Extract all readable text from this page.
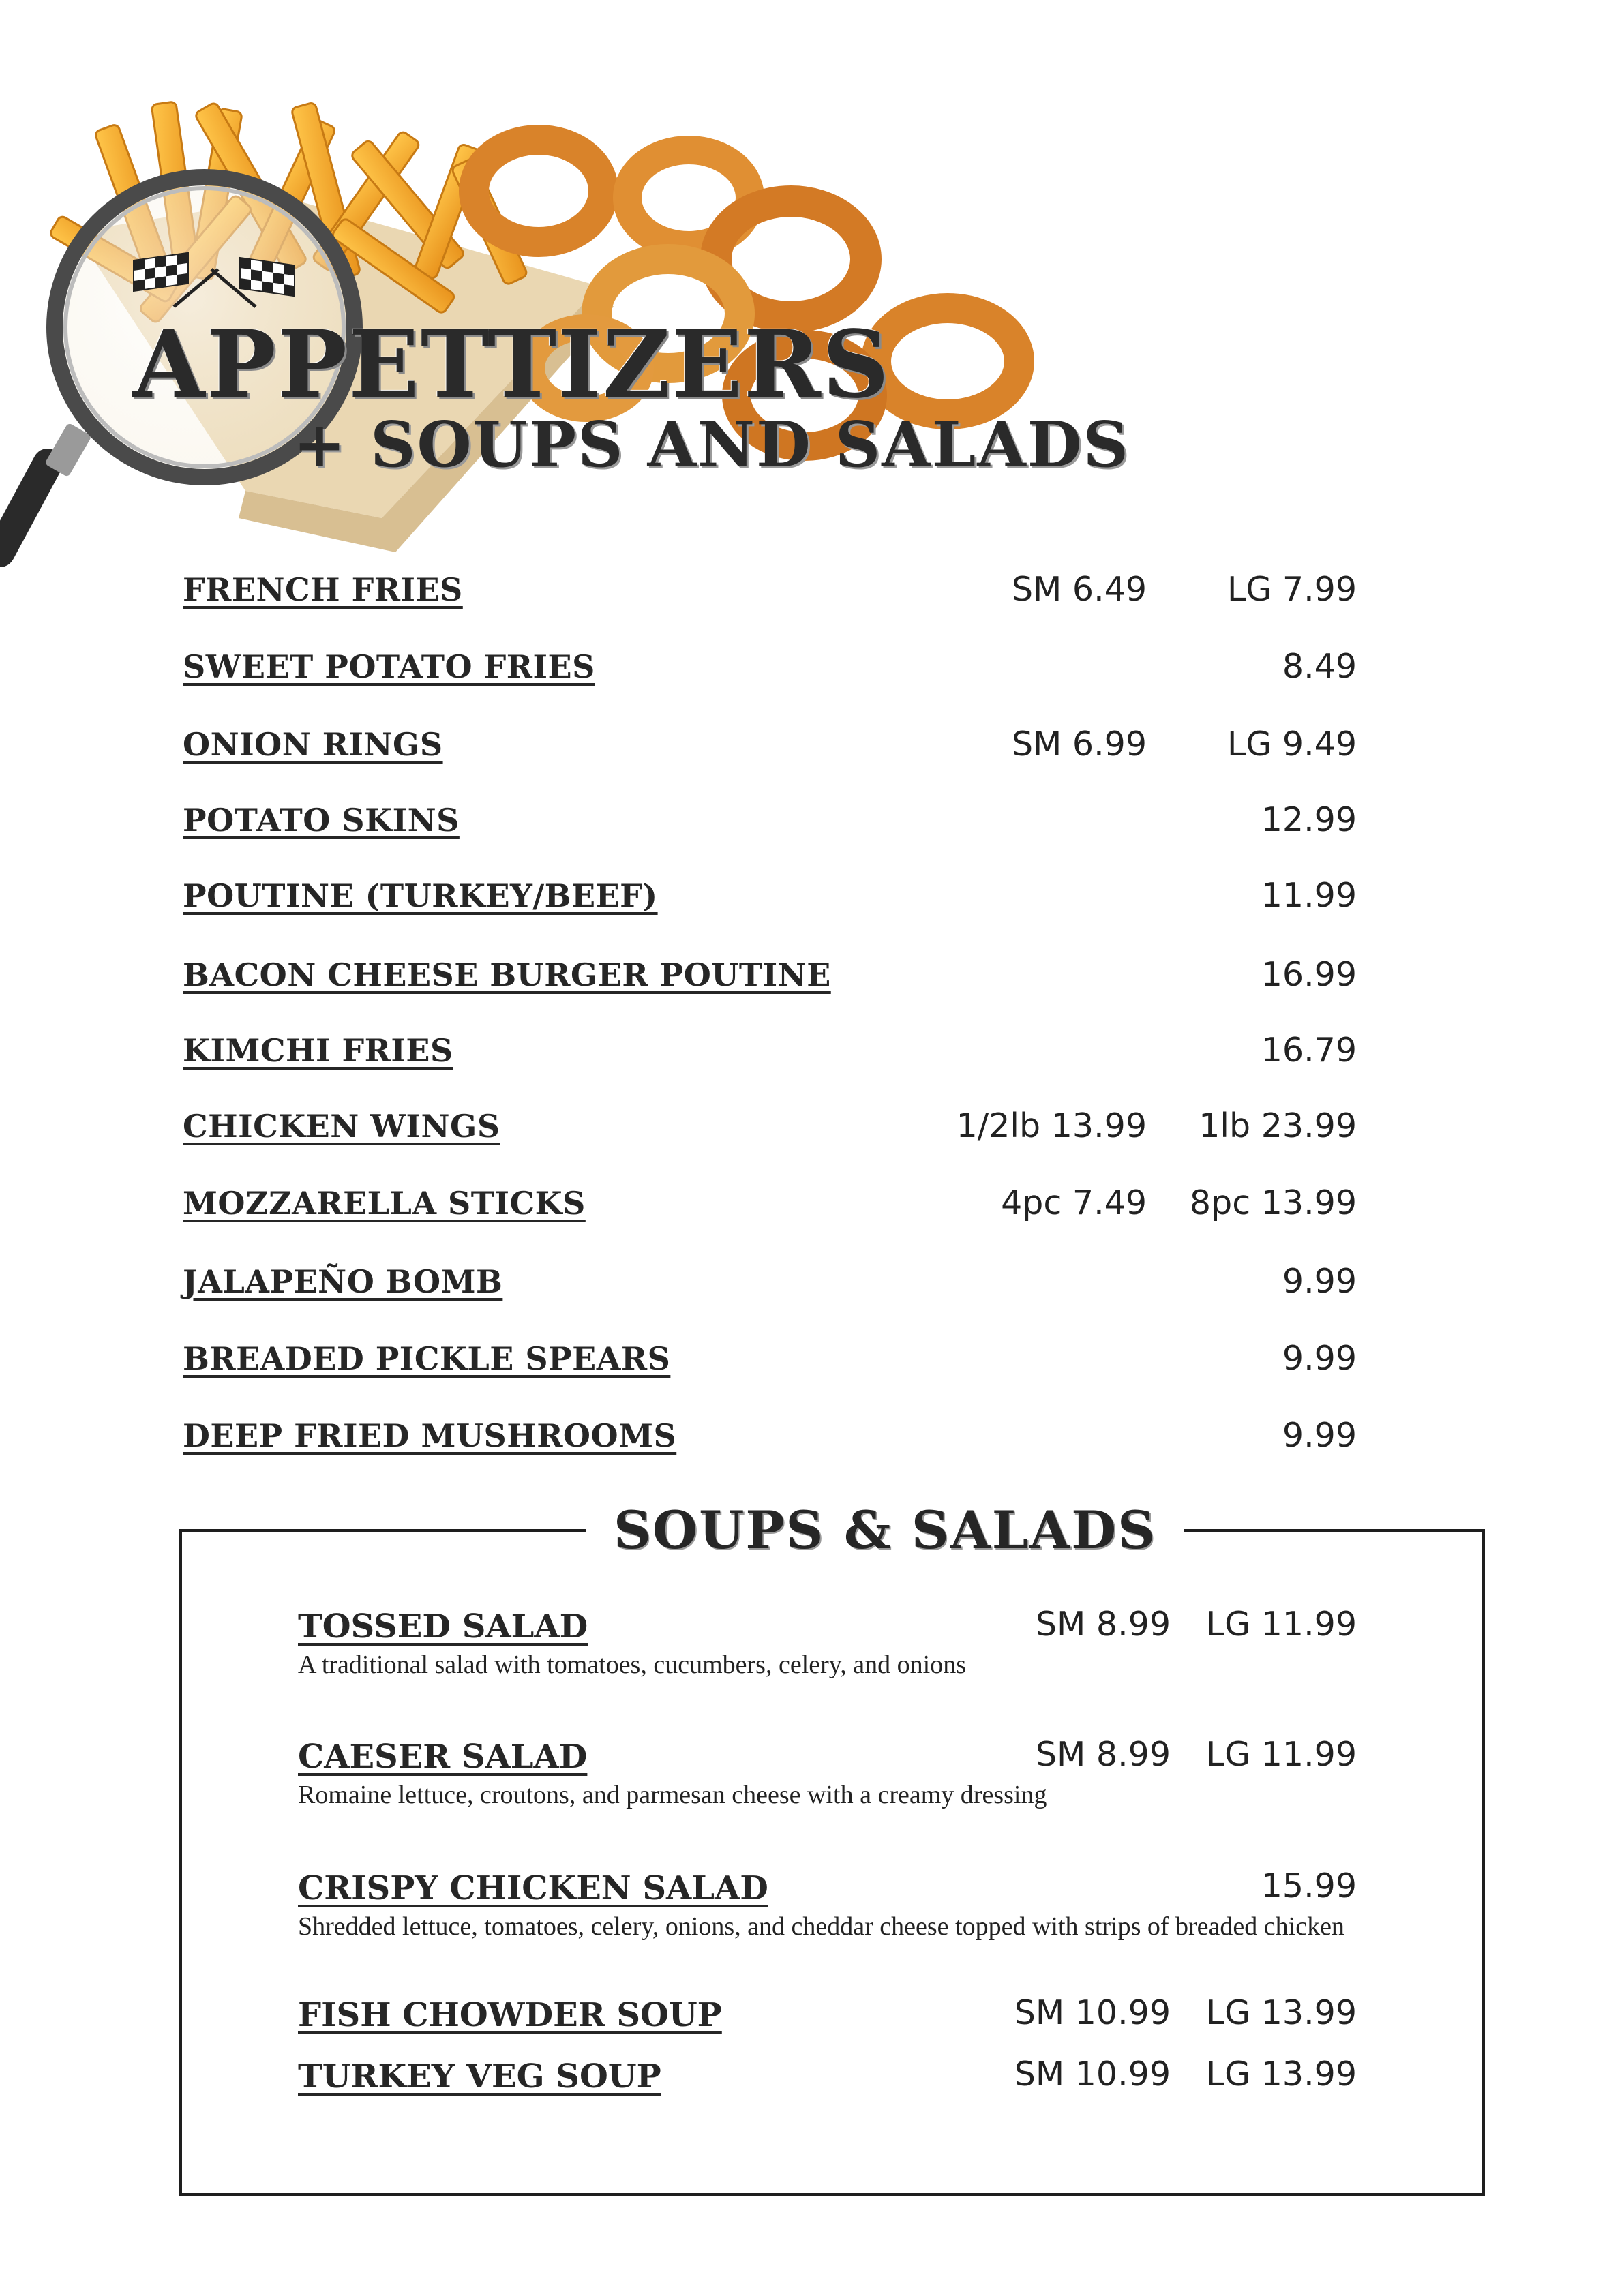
APPETTIZERS
+ SOUPS AND SALADS
FRENCH FRIES	SM 6.49 LG 7.99
SWEET POTATO FRIES	8.49
ONION RINGS	SM 6.99 LG 9.49
POTATO SKINS	12.99
POUTINE (TURKEY/BEEF)	11.99
BACON CHEESE BURGER POUTINE	16.99
KIMCHI FRIES	16.79
CHICKEN WINGS	1/2lb 13.99 1lb 23.99
MOZZARELLA STICKS	4pc 7.49 8pc 13.99
JALAPEÑO BOMB	9.99
BREADED PICKLE SPEARS	9.99
DEEP FRIED MUSHROOMS	9.99
SOUPS & SALADS
TOSSED SALAD
A traditional salad with tomatoes, cucumbers, celery, and onions
SM 8.99 LG 11.99
CAESER SALAD
Romaine lettuce, croutons, and parmesan cheese with a creamy dressing
SM 8.99 LG 11.99
CRISPY CHICKEN SALAD
Shredded lettuce, tomatoes, celery, onions, and cheddar cheese topped with strips of breaded chicken
15.99
FISH CHOWDER SOUP	SM 10.99 LG 13.99
TURKEY VEG SOUP	SM 10.99 LG 13.99
